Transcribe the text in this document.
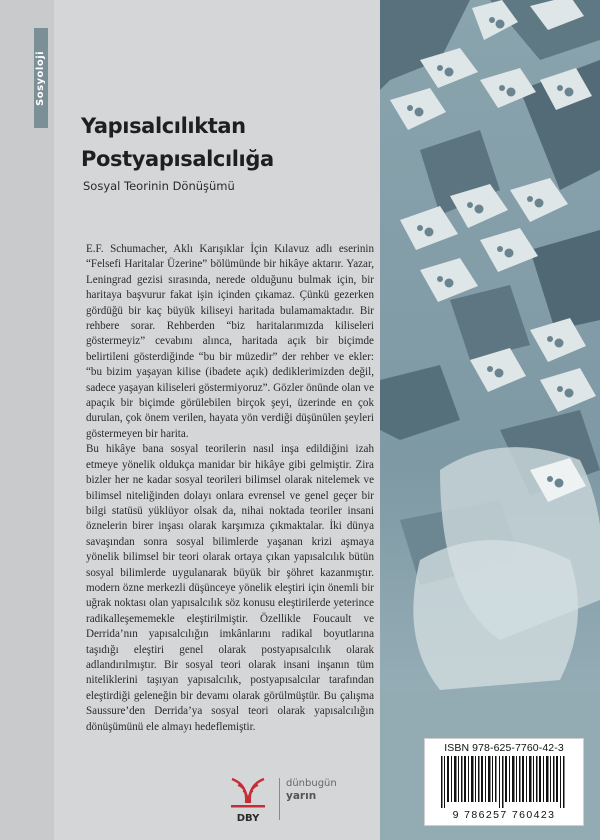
Sosyoloji
Yapısalcılıktan
Postyapısalcılığa
Sosyal Teorinin Dönüşümü

E.F. Schumacher, Aklı Karışıklar İçin Kılavuz adlı eserinin “Felsefi Haritalar Üzerine” bölümünde bir hikâye aktarır. Yazar, Leningrad gezisi sırasında, nerede olduğunu bulmak için, bir haritaya başvurur fakat işin içinden çıkamaz. Çünkü gezerken gördüğü bir kaç büyük kiliseyi haritada bulamamaktadır. Bir rehbere sorar. Rehberden “biz haritalarımızda kiliseleri göstermeyiz” cevabını alınca, haritada açık bir biçimde belirtileni gösterdiğinde “bu bir müzedir” der rehber ve ekler: “bu bizim yaşayan kilise (ibadete açık) dediklerimizden değil, sadece yaşayan kiliseleri göstermiyoruz”. Gözler önünde olan ve apaçık bir biçimde görülebilen birçok şeyi, üzerinde en çok durulan, çok önem verilen, hayata yön verdiği düşünülen şeyleri göstermeyen bir harita.

Bu hikâye bana sosyal teorilerin nasıl inşa edildiğini izah etmeye yönelik oldukça manidar bir hikâye gibi gelmiştir. Zira bizler her ne kadar sosyal teorileri bilimsel olarak nitelemek ve bilimsel niteliğinden dolayı onlara evrensel ve genel geçer bir bilgi statüsü yüklüyor olsak da, nihai noktada teoriler insani öznelerin birer inşası olarak karşımıza çıkmaktalar. İki dünya savaşından sonra sosyal bilimlerde yaşanan krizi aşmaya yönelik bilimsel bir teori olarak ortaya çıkan yapısalcılık bütün sosyal bilimlerde uygulanarak büyük bir şöhret kazanmıştır. modern özne merkezli düşünceye yönelik eleştiri için önemli bir uğrak noktası olan yapısalcılık söz konusu eleştirilerde yeterince radikalleşememekle eleştirilmiştir. Özellikle Foucault ve Derrida’nın yapısalcılığın imkânlarını radikal boyutlarına taşıdığı eleştiri genel olarak postyapısalcılık olarak adlandırılmıştır. Bir sosyal teori olarak insani inşanın tüm niteliklerini taşıyan yapısalcılık, postyapısalcılar tarafından eleştirdiği geleneğin bir devamı olarak görülmüştür. Bu çalışma Saussure’den Derrida’ya sosyal teori olarak yapısalcılığın dönüşümünü ele almayı hedeflemiştir.

DBY
dünbugün
yarın
ISBN 978-625-7760-42-3
9 786257 760423
